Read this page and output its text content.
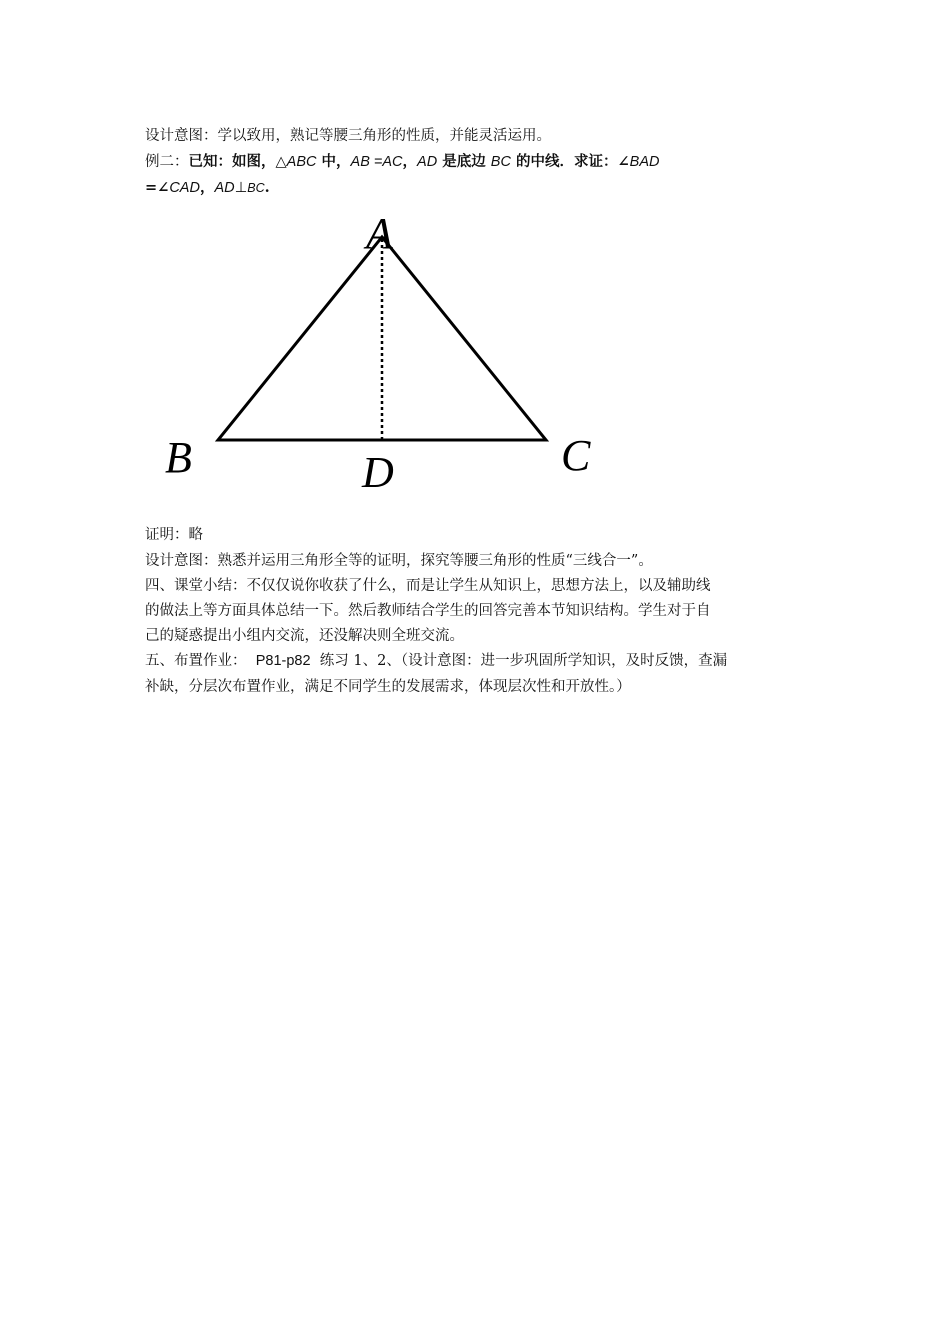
设计意图：学以致用，熟记等腰三角形的性质，并能灵活运用。
例二：已知：如图，△ABC 中，AB =AC，AD 是底边 BC 的中线．求证：∠BAD
=∠CAD，AD⊥BC.
A
B	C
D
证明：略
设计意图：熟悉并运用三角形全等的证明，探究等腰三角形的性质“三线合一”。
四、课堂小结：不仅仅说你收获了什么，而是让学生从知识上，思想方法上，以及辅助线
的做法上等方面具体总结一下。然后教师结合学生的回答完善本节知识结构。学生对于自
己的疑惑提出小组内交流，还没解决则全班交流。
五、布置作业：  P81-p82  练习 1、2、（设计意图：进一步巩固所学知识，及时反馈，查漏
补缺，分层次布置作业，满足不同学生的发展需求，体现层次性和开放性。）
